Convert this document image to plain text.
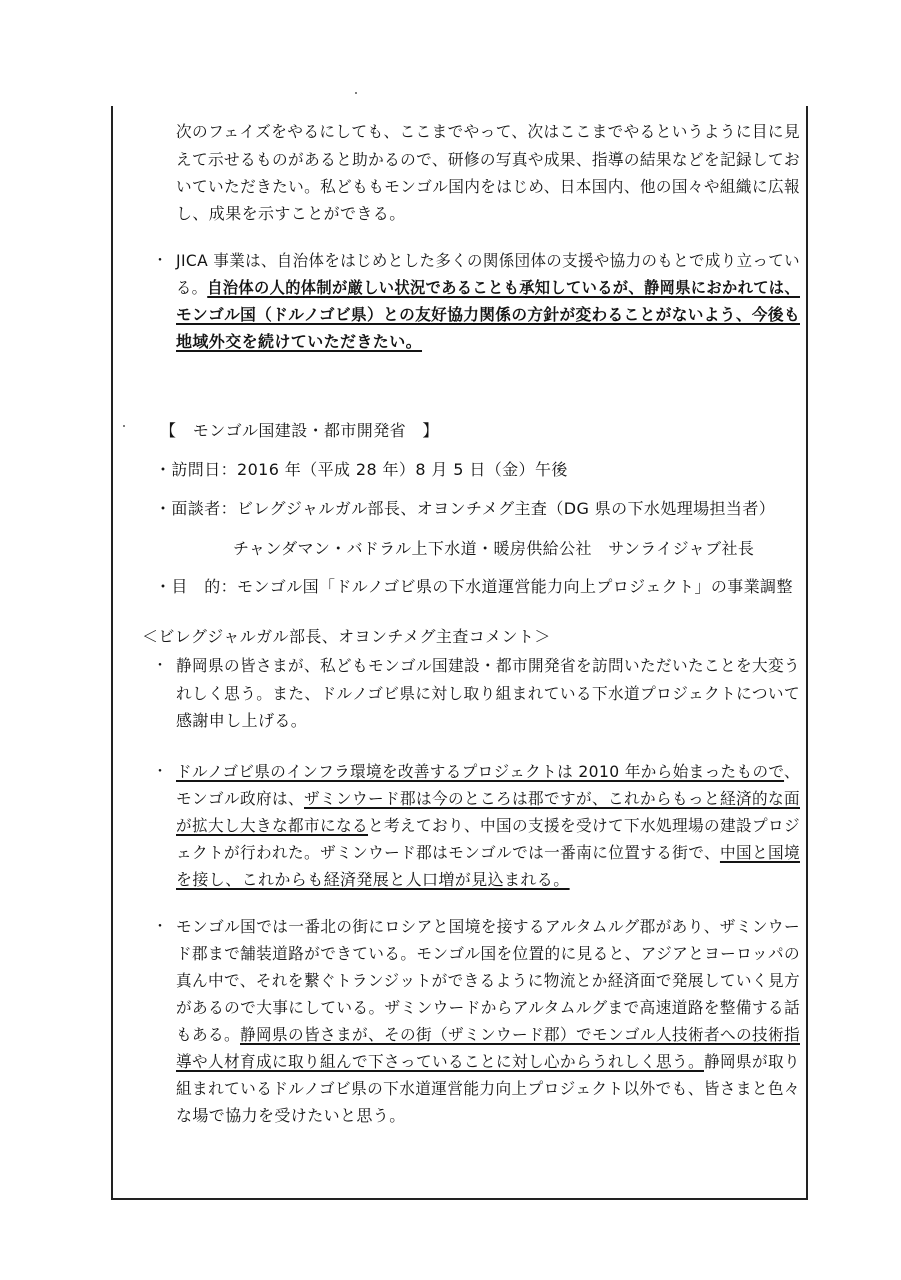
次のフェイズをやるにしても、ここまでやって、次はここまでやるというように目に見
えて示せるものがあると助かるので、研修の写真や成果、指導の結果などを記録してお
いていただきたい。私どももモンゴル国内をはじめ、日本国内、他の国々や組織に広報
し、成果を示すことができる。
・ JICA 事業は、自治体をはじめとした多くの関係団体の支援や協力のもとで成り立ってい
る。自治体の人的体制が厳しい状況であることも承知しているが、静岡県におかれては、
モンゴル国（ドルノゴビ県）との友好協力関係の方針が変わることがないよう、今後も
地域外交を続けていただきたい。
【　モンゴル国建設・都市開発省　】
・訪問日：2016 年（平成 28 年）8 月 5 日（金）午後
・面談者：ビレグジャルガル部長、オヨンチメグ主査（DG 県の下水処理場担当者）
チャンダマン・バドラル上下水道・暖房供給公社　サンライジャブ社長
・目　的：モンゴル国「ドルノゴビ県の下水道運営能力向上プロジェクト」の事業調整
＜ビレグジャルガル部長、オヨンチメグ主査コメント＞
・ 静岡県の皆さまが、私どもモンゴル国建設・都市開発省を訪問いただいたことを大変う
れしく思う。また、ドルノゴビ県に対し取り組まれている下水道プロジェクトについて
感謝申し上げる。
・ ドルノゴビ県のインフラ環境を改善するプロジェクトは 2010 年から始まったもので、
モンゴル政府は、ザミンウード郡は今のところは郡ですが、これからもっと経済的な面
が拡大し大きな都市になると考えており、中国の支援を受けて下水処理場の建設プロジ
ェクトが行われた。ザミンウード郡はモンゴルでは一番南に位置する街で、中国と国境
を接し、これからも経済発展と人口増が見込まれる。
・ モンゴル国では一番北の街にロシアと国境を接するアルタムルグ郡があり、ザミンウー
ド郡まで舗装道路ができている。モンゴル国を位置的に見ると、アジアとヨーロッパの
真ん中で、それを繋ぐトランジットができるように物流とか経済面で発展していく見方
があるので大事にしている。ザミンウードからアルタムルグまで高速道路を整備する話
もある。静岡県の皆さまが、その街（ザミンウード郡）でモンゴル人技術者への技術指
導や人材育成に取り組んで下さっていることに対し心からうれしく思う。静岡県が取り
組まれているドルノゴビ県の下水道運営能力向上プロジェクト以外でも、皆さまと色々
な場で協力を受けたいと思う。
